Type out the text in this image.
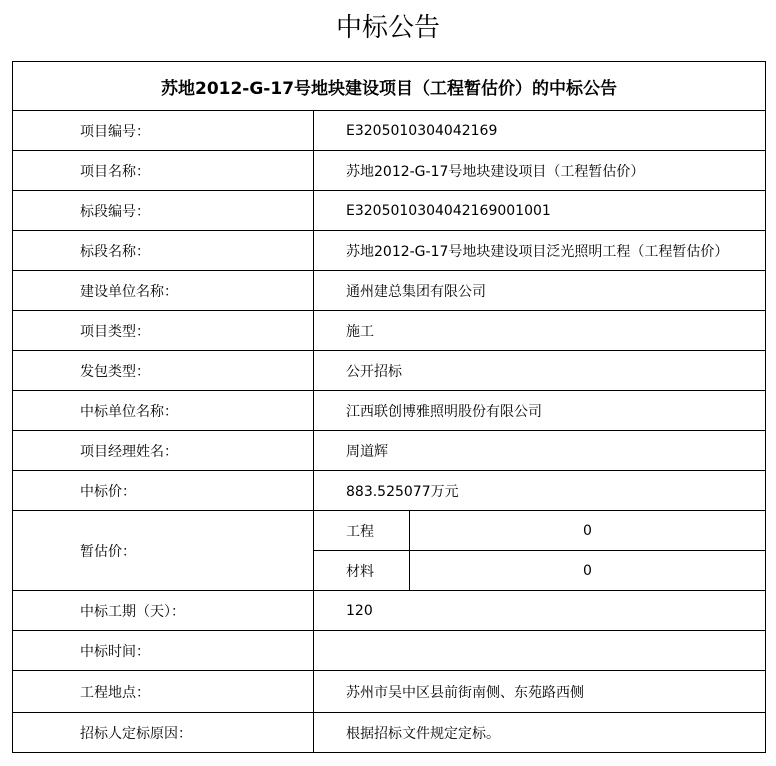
中标公告
苏地2012-G-17号地块建设项目（工程暂估价）的中标公告		
项目编号：	E3205010304042169	
项目名称：	苏地2012-G-17号地块建设项目（工程暂估价）	
标段编号：	E3205010304042169001001	
标段名称：	苏地2012-G-17号地块建设项目泛光照明工程（工程暂估价）	
建设单位名称：	通州建总集团有限公司	
项目类型：	施工	
发包类型：	公开招标	
中标单位名称：	江西联创博雅照明股份有限公司	
项目经理姓名：	周道辉	
中标价：	883.525077万元	
暂估价：	工程	0
	材料	0
中标工期（天）：	120	
中标时间：		
工程地点：	苏州市吴中区县前街南侧、东苑路西侧	
招标人定标原因：	根据招标文件规定定标。	
